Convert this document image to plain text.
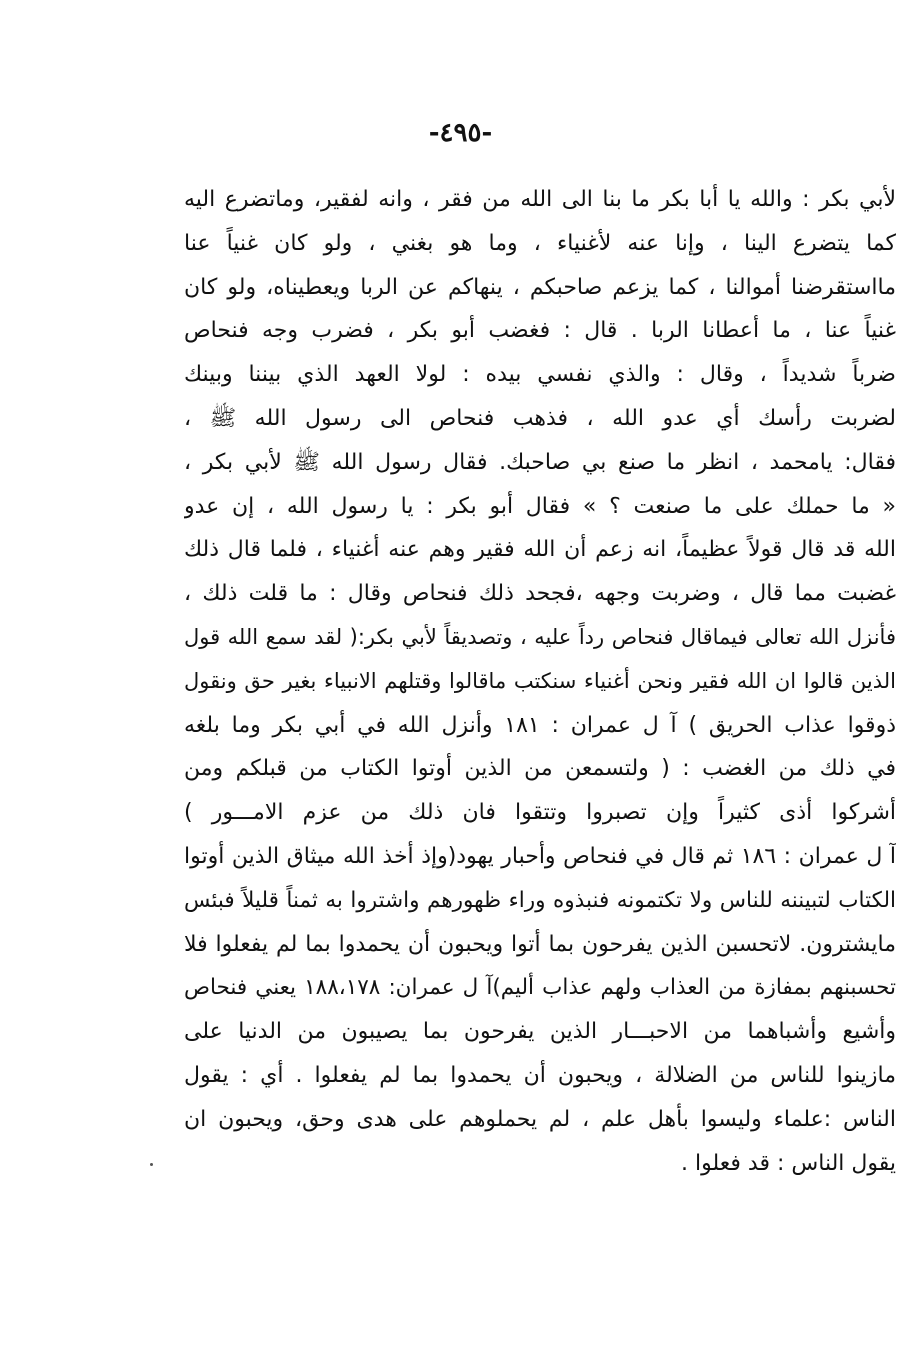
-٤٩٥-
لأبي بكر : والله يا أبا بكر ما بنا الى الله من فقر ، وانه لفقير، وماتضرع اليه
كما يتضرع الينا ، وإنا عنه لأغنياء ، وما هو بغني ، ولو كان غنياً عنا
مااستقرضنا أموالنا ، كما يزعم صاحبكم ، ينهاكم عن الربا ويعطيناه، ولو كان
غنياً عنا ، ما أعطانا الربا . قال : فغضب أبو بكر ، فضرب وجه فنحاص
ضرباً شديداً ، وقال : والذي نفسي بيده : لولا العهد الذي بيننا وبينك
لضربت رأسك أي عدو الله ، فذهب فنحاص الى رسول الله ﷺ ،
فقال: يامحمد ، انظر ما صنع بي صاحبك. فقال رسول الله ﷺ لأبي بكر ،
« ما حملك على ما صنعت ؟ » فقال أبو بكر : يا رسول الله ، إن عدو
الله قد قال قولاً عظيماً، انه زعم أن الله فقير وهم عنه أغنياء ، فلما قال ذلك
غضبت مما قال ، وضربت وجهه ،فجحد ذلك فنحاص وقال : ما قلت ذلك ،
فأنزل الله تعالى فيماقال فنحاص رداً عليه ، وتصديقاً لأبي بكر:( لقد سمع الله قول
الذين قالوا ان الله فقير ونحن أغنياء سنكتب ماقالوا وقتلهم الانبياء بغير حق ونقول
ذوقوا عذاب الحريق ) آ ل عمران : ١٨١ وأنزل الله في أبي بكر وما بلغه
في ذلك من الغضب : ( ولتسمعن من الذين أوتوا الكتاب من قبلكم ومن
أشركوا أذى كثيراً وإن تصبروا وتتقوا فان ذلك من عزم الامـــور )
آ ل عمران : ١٨٦ ثم قال في فنحاص وأحبار يهود(وإذ أخذ الله ميثاق الذين أوتوا
الكتاب لتبيننه للناس ولا تكتمونه فنبذوه وراء ظهورهم واشتروا به ثمناً قليلاً فبئس
مايشترون. لاتحسبن الذين يفرحون بما أتوا ويحبون أن يحمدوا بما لم يفعلوا فلا
تحسبنهم بمفازة من العذاب ولهم عذاب أليم)آ ل عمران: ١٨٨،١٧٨ يعني فنحاص
وأشيع وأشباهما من الاحبـــار الذين يفرحون بما يصيبون من الدنيا على
مازينوا للناس من الضلالة ، ويحبون أن يحمدوا بما لم يفعلوا . أي : يقول
الناس :علماء وليسوا بأهل علم ، لم يحملوهم على هدى وحق، ويحبون ان
يقول الناس : قد فعلوا .
